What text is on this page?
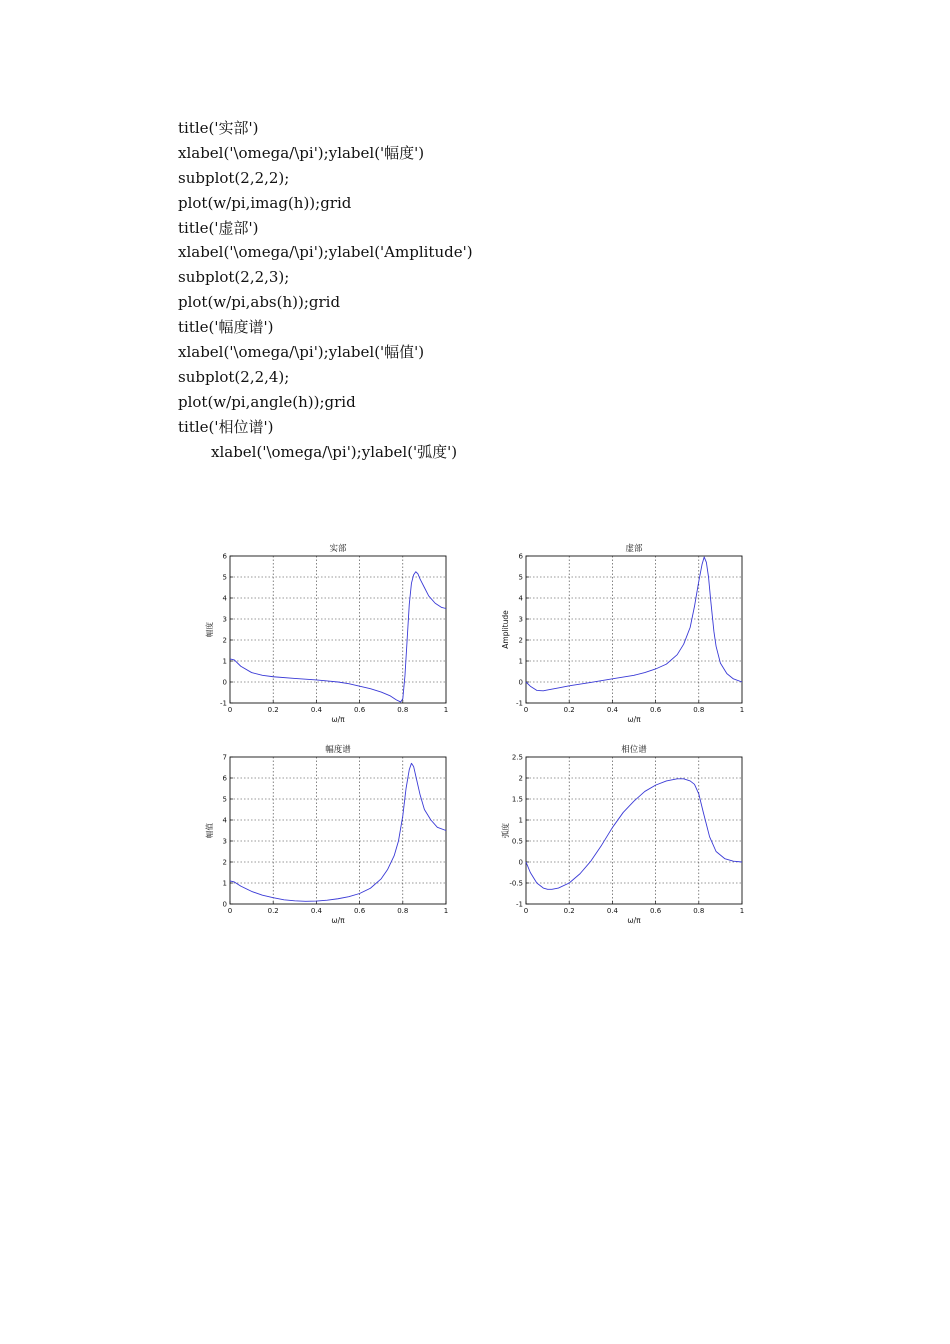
title('实部')
xlabel('\omega/\pi');ylabel('幅度')
subplot(2,2,2);
plot(w/pi,imag(h));grid
title('虚部')
xlabel('\omega/\pi');ylabel('Amplitude')
subplot(2,2,3);
plot(w/pi,abs(h));grid
title('幅度谱')
xlabel('\omega/\pi');ylabel('幅值')
subplot(2,2,4);
plot(w/pi,angle(h));grid
title('相位谱')
xlabel('\omega/\pi');ylabel('弧度')
0	0.2	0.4	0.6	0.8	1
-1
0
1
2
3
4
5
6
实部
ω/π
幅度
0	0.2	0.4	0.6	0.8	1
-1
0
1
2
3
4
5
6
虚部
ω/π
Amplitude
0	0.2	0.4	0.6	0.8	1
0
1
2
3
4
5
6
7
幅度谱
ω/π
幅值
0	0.2	0.4	0.6	0.8	1
-1
-0.5
0
0.5
1
1.5
2
2.5
相位谱
ω/π
弧度
